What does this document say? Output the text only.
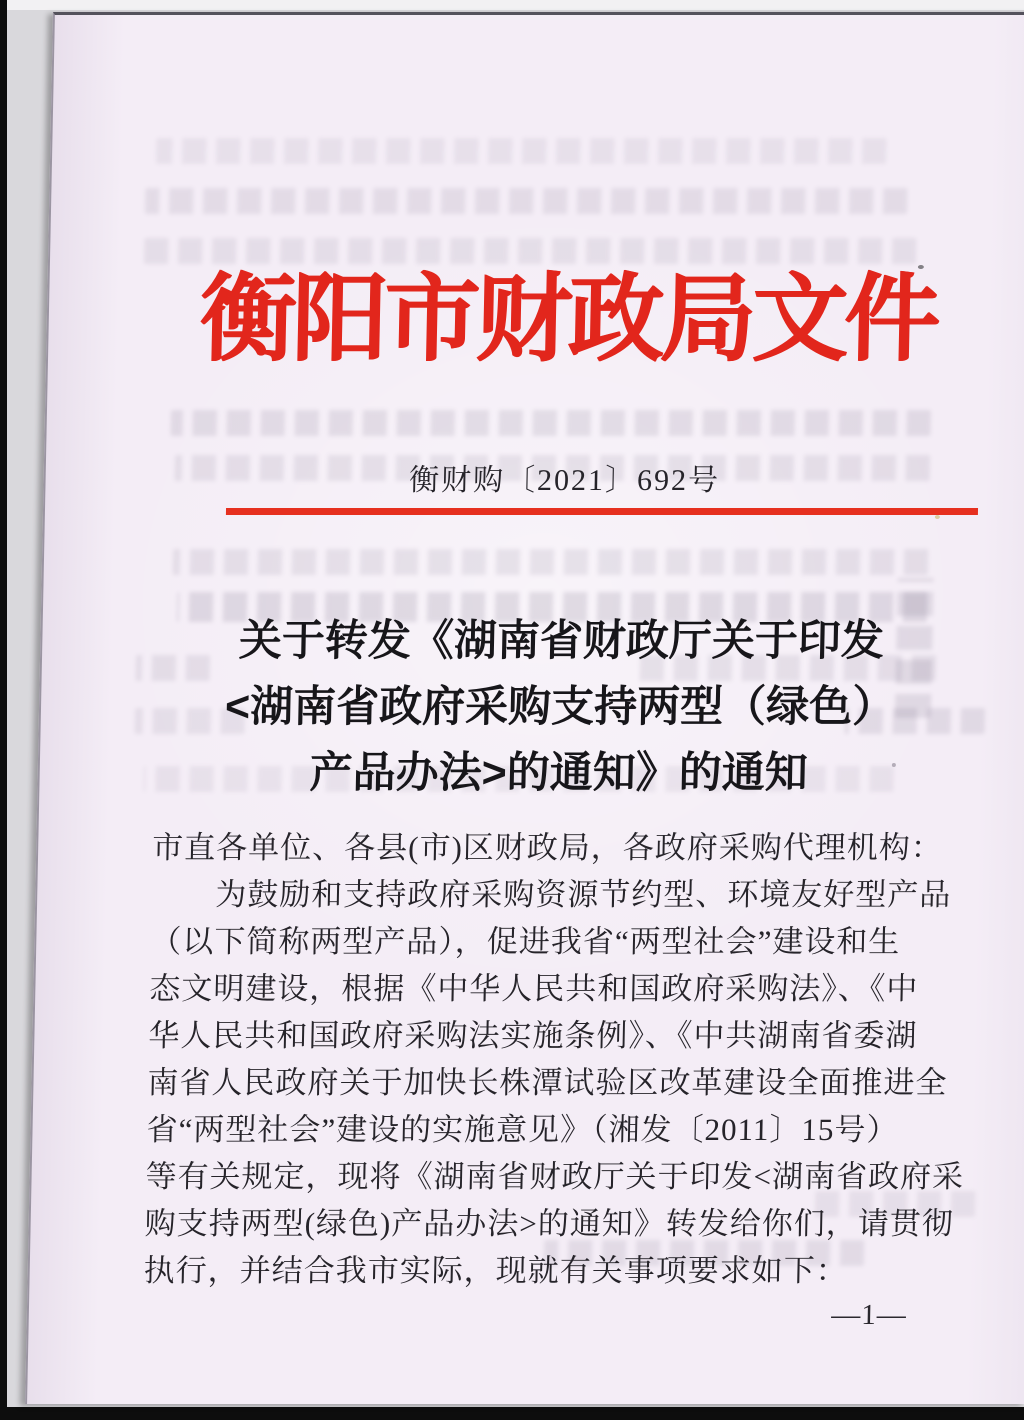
衡阳市财政局文件
衡财购〔2021〕692号
关于转发《湖南省财政厅关于印发
<湖南省政府采购支持两型（绿色）
产品办法>的通知》的通知
市直各单位、各县(市)区财政局，各政府采购代理机构：
为鼓励和支持政府采购资源节约型、环境友好型产品
（以下简称两型产品），促进我省“两型社会”建设和生
态文明建设，根据《中华人民共和国政府采购法》、《中
华人民共和国政府采购法实施条例》、《中共湖南省委湖
南省人民政府关于加快长株潭试验区改革建设全面推进全
省“两型社会”建设的实施意见》（湘发〔2011〕15号）
等有关规定，现将《湖南省财政厅关于印发<湖南省政府采
购支持两型(绿色)产品办法>的通知》转发给你们，请贯彻
执行，并结合我市实际，现就有关事项要求如下：
—1—
